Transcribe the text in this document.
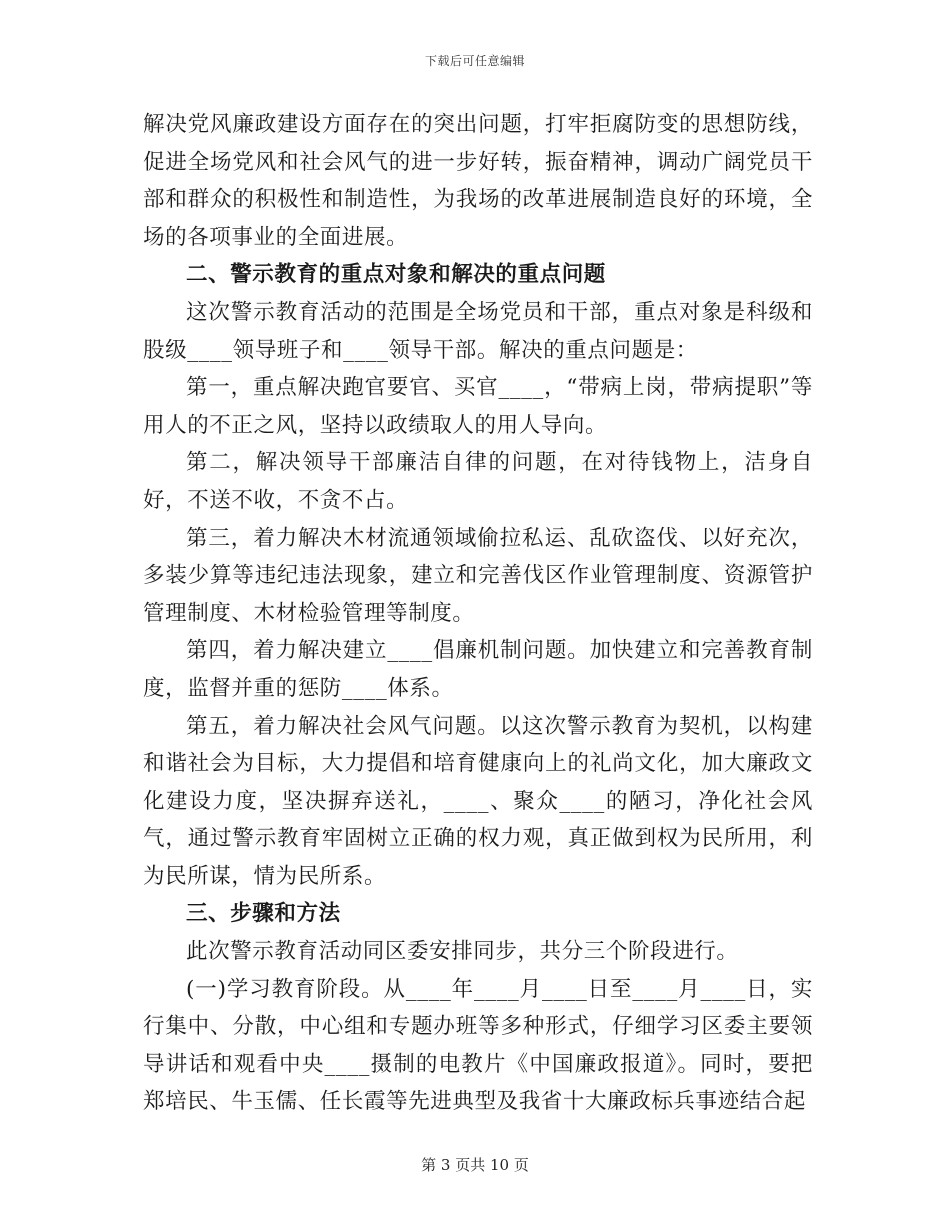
下载后可任意编辑

解决党风廉政建设方面存在的突出问题，打牢拒腐防变的思想防线，促进全场党风和社会风气的进一步好转，振奋精神，调动广阔党员干部和群众的积极性和制造性，为我场的改革进展制造良好的环境，全场的各项事业的全面进展。

二、警示教育的重点对象和解决的重点问题

这次警示教育活动的范围是全场党员和干部，重点对象是科级和股级____领导班子和____领导干部。解决的重点问题是：

第一，重点解决跑官要官、买官____，“带病上岗，带病提职”等用人的不正之风，坚持以政绩取人的用人导向。

第二，解决领导干部廉洁自律的问题，在对待钱物上，洁身自好，不送不收，不贪不占。

第三，着力解决木材流通领域偷拉私运、乱砍盗伐、以好充次，多装少算等违纪违法现象，建立和完善伐区作业管理制度、资源管护管理制度、木材检验管理等制度。

第四，着力解决建立____倡廉机制问题。加快建立和完善教育制度，监督并重的惩防____体系。

第五，着力解决社会风气问题。以这次警示教育为契机，以构建和谐社会为目标，大力提倡和培育健康向上的礼尚文化，加大廉政文化建设力度，坚决摒弃送礼，____、聚众____的陋习，净化社会风气，通过警示教育牢固树立正确的权力观，真正做到权为民所用，利为民所谋，情为民所系。

三、步骤和方法

此次警示教育活动同区委安排同步，共分三个阶段进行。

(一)学习教育阶段。从____年____月____日至____月____日，实行集中、分散，中心组和专题办班等多种形式，仔细学习区委主要领导讲话和观看中央____摄制的电教片《中国廉政报道》。同时，要把郑培民、牛玉儒、任长霞等先进典型及我省十大廉政标兵事迹结合起

第 3 页共 10 页
